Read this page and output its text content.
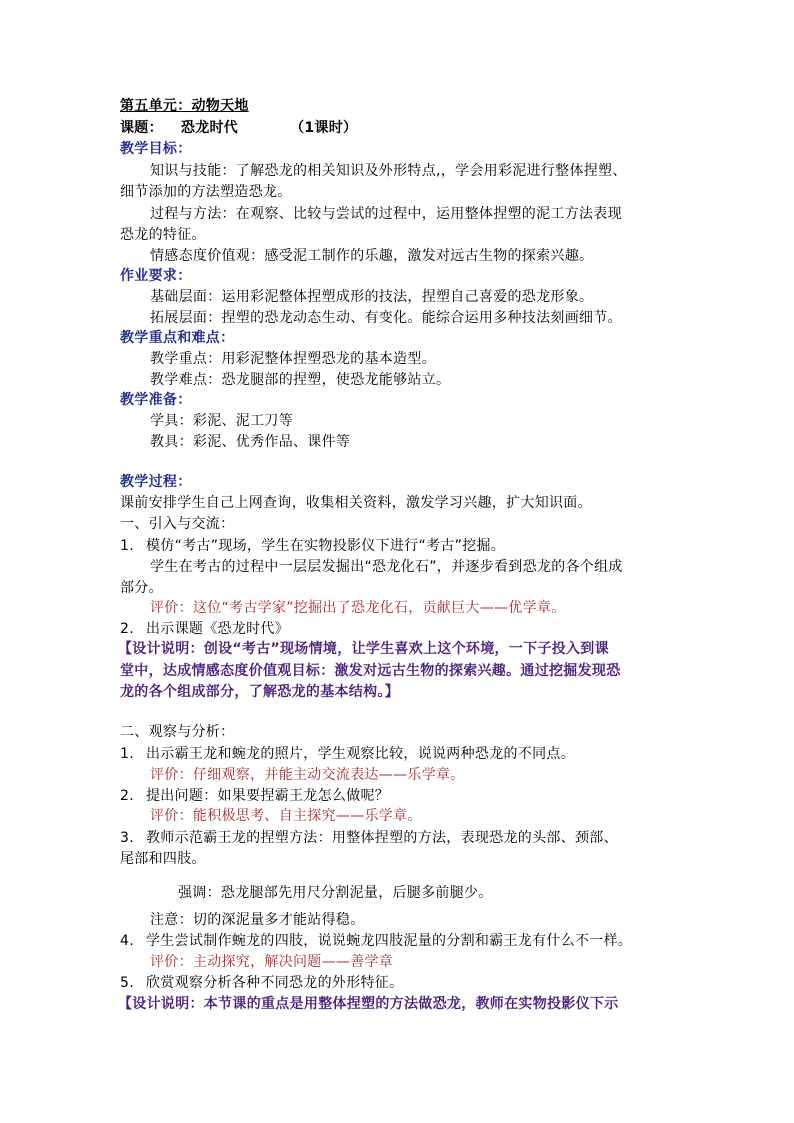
第五单元：动物天地
课题： 恐龙时代	（1课时）
教学目标：
知识与技能：了解恐龙的相关知识及外形特点,，学会用彩泥进行整体捏塑、
细节添加的方法塑造恐龙。
过程与方法：在观察、比较与尝试的过程中，运用整体捏塑的泥工方法表现
恐龙的特征。
情感态度价值观：感受泥工制作的乐趣，激发对远古生物的探索兴趣。
作业要求：
基础层面：运用彩泥整体捏塑成形的技法，捏塑自己喜爱的恐龙形象。
拓展层面：捏塑的恐龙动态生动、有变化。能综合运用多种技法刻画细节。
教学重点和难点：
教学重点：用彩泥整体捏塑恐龙的基本造型。
教学难点：恐龙腿部的捏塑，使恐龙能够站立。
教学准备：
学具：彩泥、泥工刀等
教具：彩泥、优秀作品、课件等
教学过程：
课前安排学生自己上网查询，收集相关资料，激发学习兴趣，扩大知识面。
一、引入与交流：
1. 模仿“考古”现场，学生在实物投影仪下进行“考古”挖掘。
学生在考古的过程中一层层发掘出“恐龙化石”，并逐步看到恐龙的各个组成
部分。
评价：这位“考古学家”挖掘出了恐龙化石，贡献巨大——优学章。
2. 出示课题《恐龙时代》
【设计说明：创设“考古”现场情境，让学生喜欢上这个环境，一下子投入到课
堂中，达成情感态度价值观目标：激发对远古生物的探索兴趣。通过挖掘发现恐
龙的各个组成部分，了解恐龙的基本结构。】
二、观察与分析：
1. 出示霸王龙和蜿龙的照片，学生观察比较，说说两种恐龙的不同点。
评价：仔细观察，并能主动交流表达——乐学章。
2. 提出问题：如果要捏霸王龙怎么做呢？
评价：能积极思考、自主探究——乐学章。
3. 教师示范霸王龙的捏塑方法：用整体捏塑的方法，表现恐龙的头部、颈部、
尾部和四肢。
强调：恐龙腿部先用尺分割泥量，后腿多前腿少。
注意：切的深泥量多才能站得稳。
4. 学生尝试制作蜿龙的四肢，说说蜿龙四肢泥量的分割和霸王龙有什么不一样。
评价：主动探究，解决问题——善学章
5. 欣赏观察分析各种不同恐龙的外形特征。
【设计说明：本节课的重点是用整体捏塑的方法做恐龙，教师在实物投影仪下示
